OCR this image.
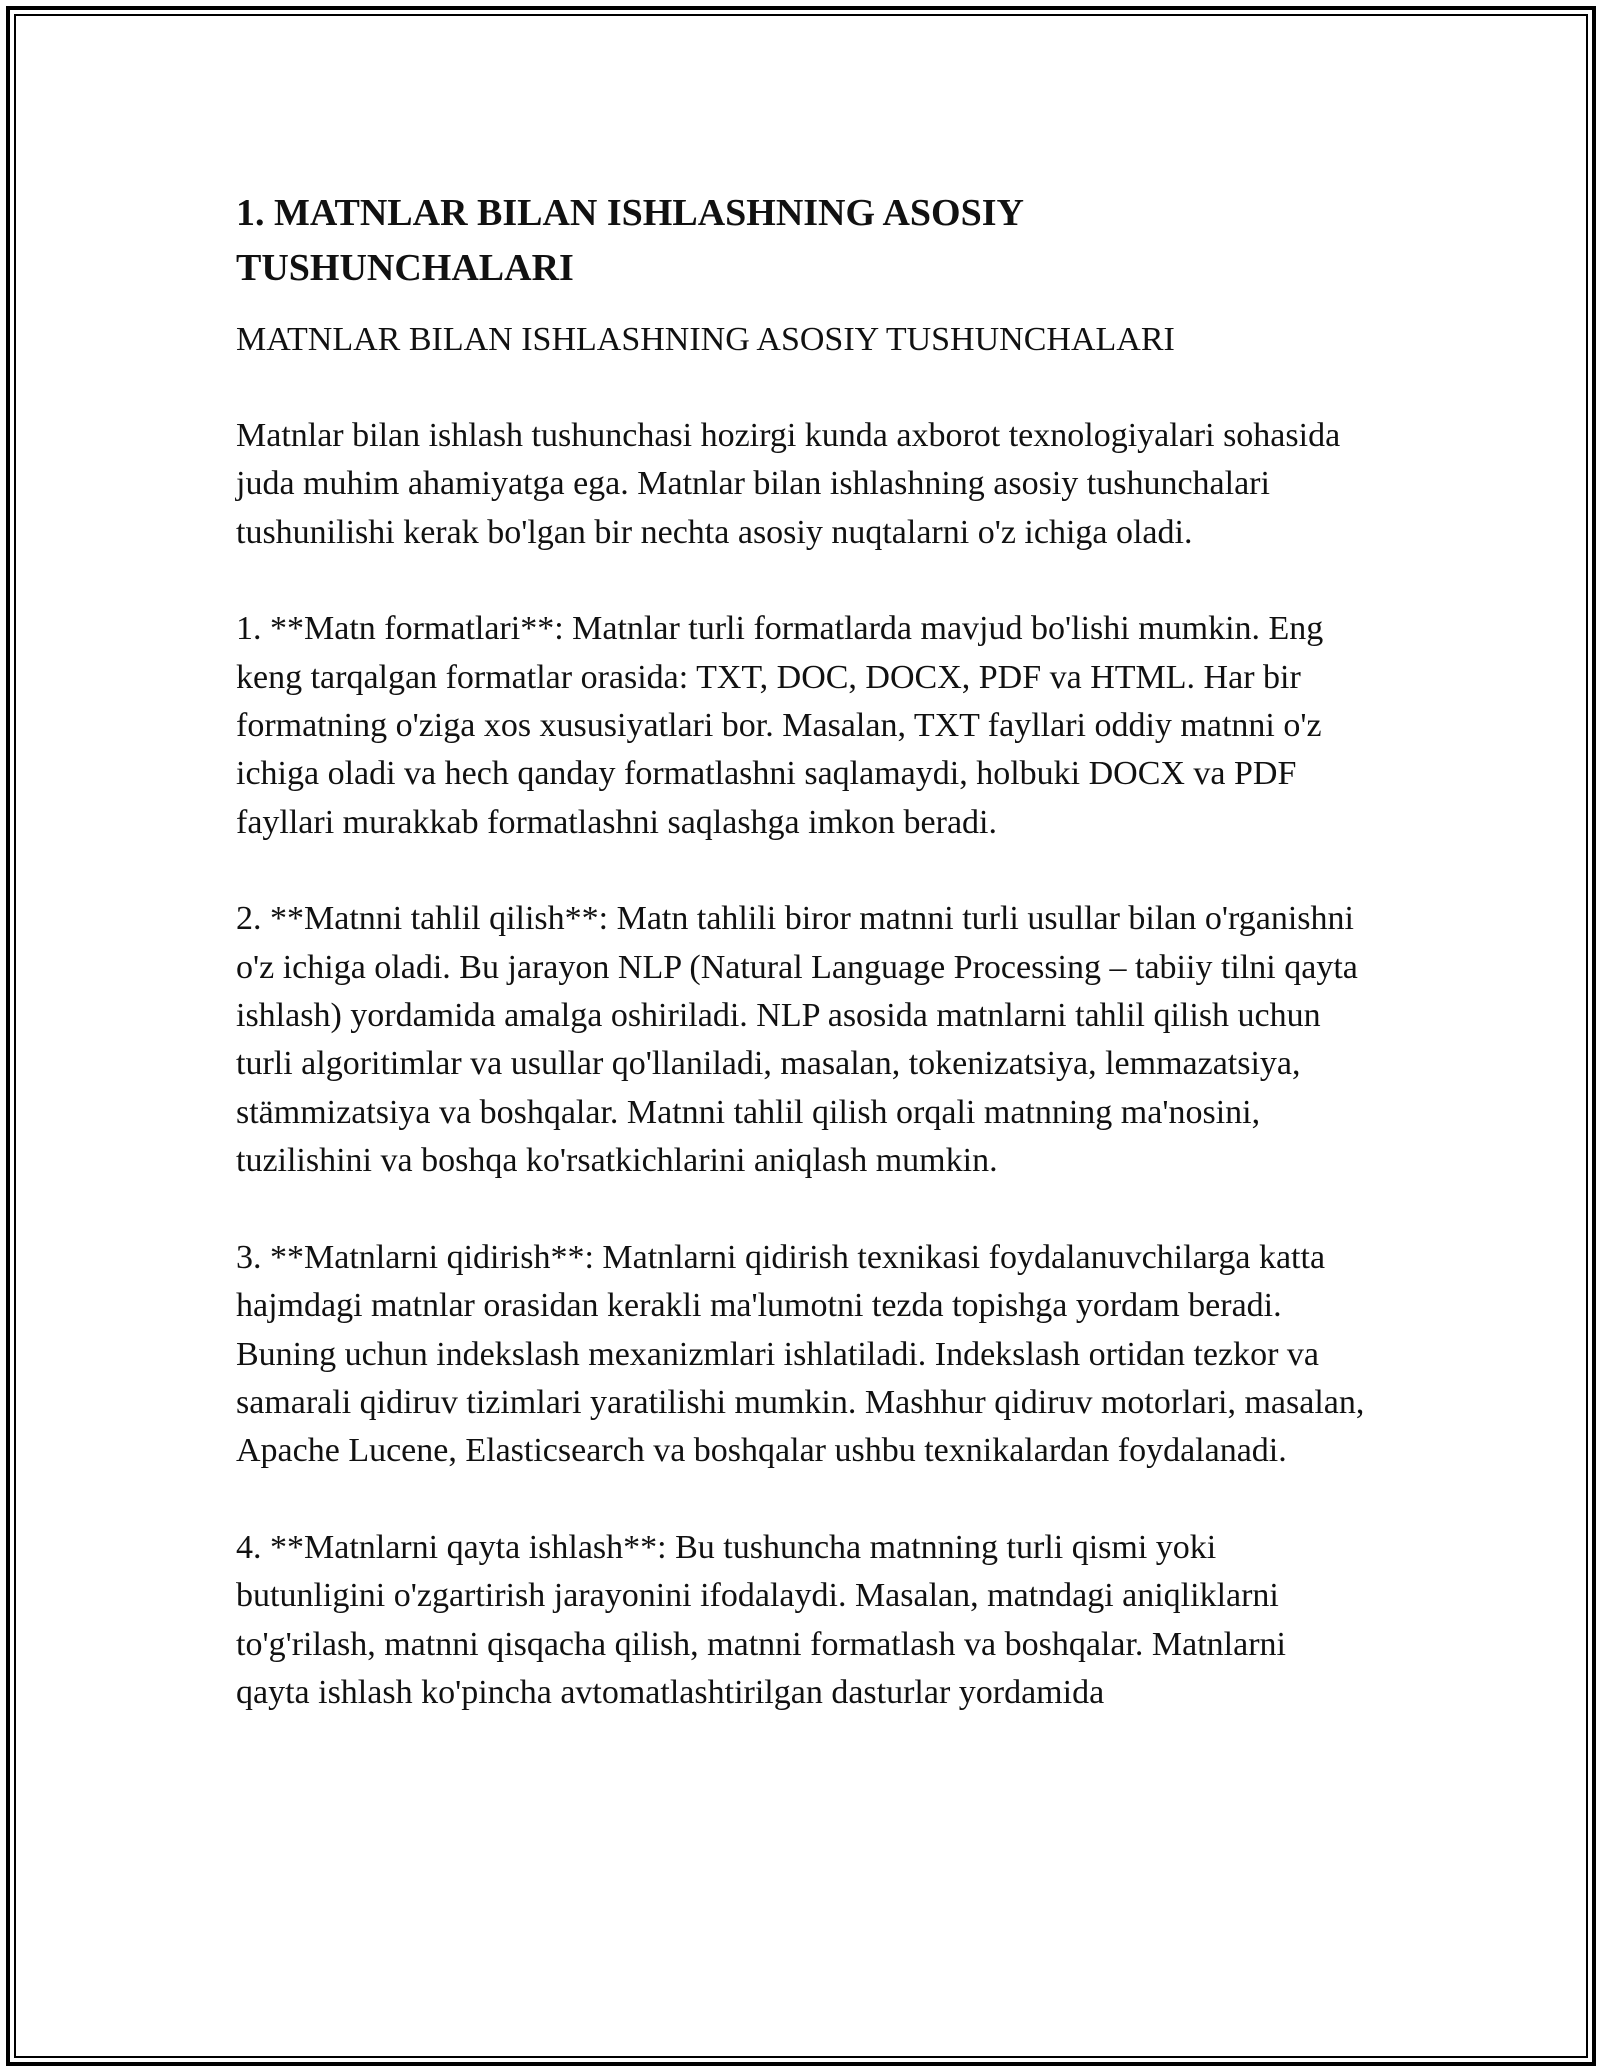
1. MATNLAR BILAN ISHLASHNING ASOSIY TUSHUNCHALARI

MATNLAR BILAN ISHLASHNING ASOSIY TUSHUNCHALARI

Matnlar bilan ishlash tushunchasi hozirgi kunda axborot texnologiyalari sohasida juda muhim ahamiyatga ega. Matnlar bilan ishlashning asosiy tushunchalari tushunilishi kerak bo'lgan bir nechta asosiy nuqtalarni o'z ichiga oladi.

1. **Matn formatlari**: Matnlar turli formatlarda mavjud bo'lishi mumkin. Eng keng tarqalgan formatlar orasida: TXT, DOC, DOCX, PDF va HTML. Har bir formatning o'ziga xos xususiyatlari bor. Masalan, TXT fayllari oddiy matnni o'z ichiga oladi va hech qanday formatlashni saqlamaydi, holbuki DOCX va PDF fayllari murakkab formatlashni saqlashga imkon beradi.

2. **Matnni tahlil qilish**: Matn tahlili biror matnni turli usullar bilan o'rganishni o'z ichiga oladi. Bu jarayon NLP (Natural Language Processing – tabiiy tilni qayta ishlash) yordamida amalga oshiriladi. NLP asosida matnlarni tahlil qilish uchun turli algoritimlar va usullar qo'llaniladi, masalan, tokenizatsiya, lemmazatsiya, stämmizatsiya va boshqalar. Matnni tahlil qilish orqali matnning ma'nosini, tuzilishini va boshqa ko'rsatkichlarini aniqlash mumkin.

3. **Matnlarni qidirish**: Matnlarni qidirish texnikasi foydalanuvchilarga katta hajmdagi matnlar orasidan kerakli ma'lumotni tezda topishga yordam beradi. Buning uchun indekslash mexanizmlari ishlatiladi. Indekslash ortidan tezkor va samarali qidiruv tizimlari yaratilishi mumkin. Mashhur qidiruv motorlari, masalan, Apache Lucene, Elasticsearch va boshqalar ushbu texnikalardan foydalanadi.

4. **Matnlarni qayta ishlash**: Bu tushuncha matnning turli qismi yoki butunligini o'zgartirish jarayonini ifodalaydi. Masalan, matndagi aniqliklarni to'g'rilash, matnni qisqacha qilish, matnni formatlash va boshqalar. Matnlarni qayta ishlash ko'pincha avtomatlashtirilgan dasturlar yordamida
